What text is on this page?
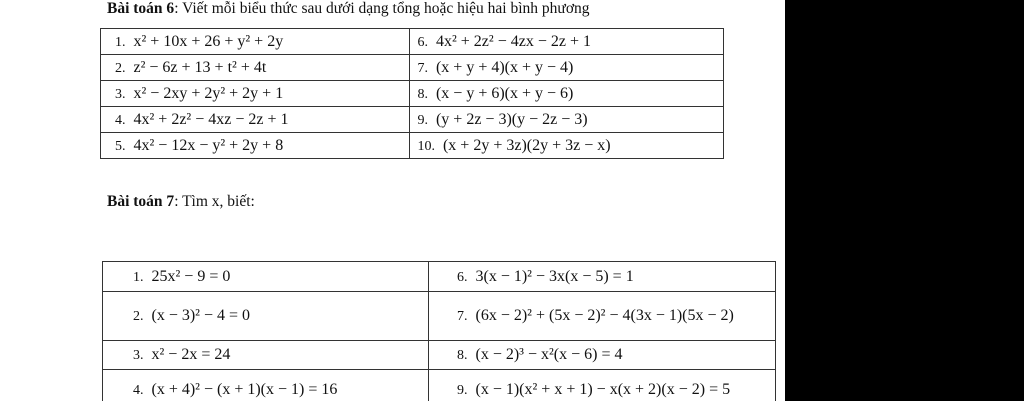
Bài toán 6: Viết mỗi biểu thức sau dưới dạng tổng hoặc hiệu hai bình phương
1. x² + 10x + 26 + y² + 2y	6. 4x² + 2z² − 4zx − 2z + 1
2. z² − 6z + 13 + t² + 4t	7. (x + y + 4)(x + y − 4)
3. x² − 2xy + 2y² + 2y + 1	8. (x − y + 6)(x + y − 6)
4. 4x² + 2z² − 4xz − 2z + 1	9. (y + 2z − 3)(y − 2z − 3)
5. 4x² − 12x − y² + 2y + 8	10. (x + 2y + 3z)(2y + 3z − x)
Bài toán 7: Tìm x, biết:
1. 25x² − 9 = 0	6. 3(x − 1)² − 3x(x − 5) = 1
2. (x − 3)² − 4 = 0	7. (6x − 2)² + (5x − 2)² − 4(3x − 1)(5x − 2)
3. x² − 2x = 24	8. (x − 2)³ − x²(x − 6) = 4
4. (x + 4)² − (x + 1)(x − 1) = 16	9. (x − 1)(x² + x + 1) − x(x + 2)(x − 2) = 5
